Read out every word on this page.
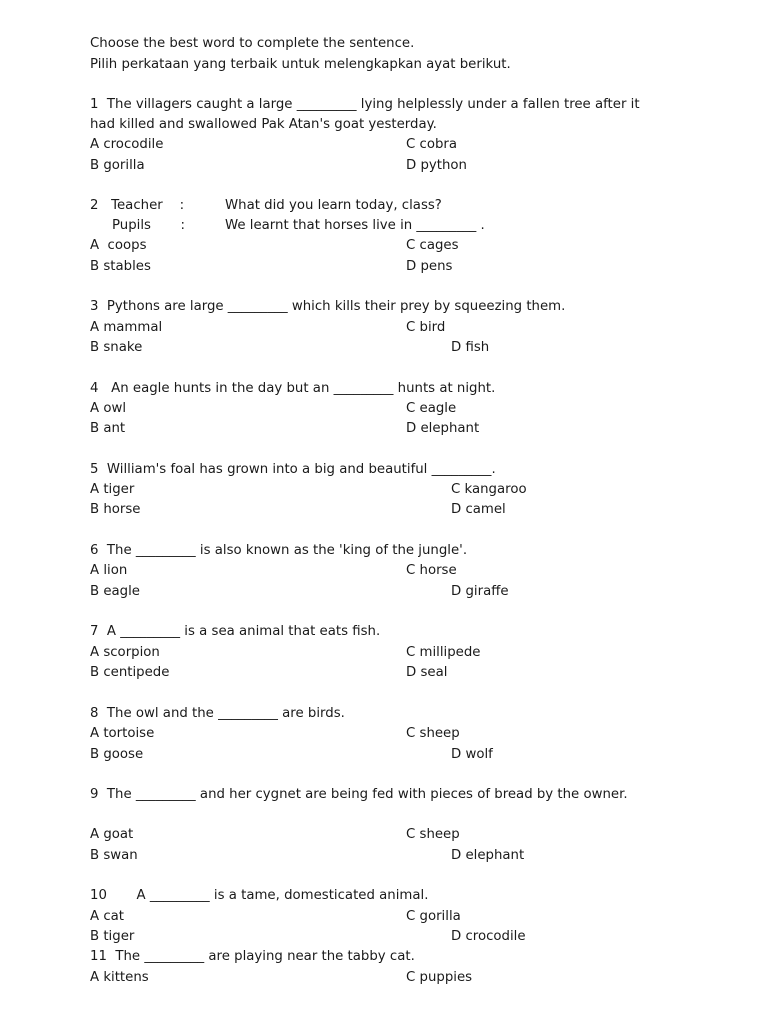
Choose the best word to complete the sentence.
Pilih perkataan yang terbaik untuk melengkapkan ayat berikut.
1  The villagers caught a large _________ lying helplessly under a fallen tree after it
had killed and swallowed Pak Atan's goat yesterday.
A crocodile	C cobra
B gorilla	D python
2   Teacher    :	What did you learn today, class?
Pupils       :	We learnt that horses live in _________ .
A  coops	C cages
B stables	D pens
3  Pythons are large _________ which kills their prey by squeezing them.
A mammal	C bird
B snake	D fish
4   An eagle hunts in the day but an _________ hunts at night.
A owl	C eagle
B ant	D elephant
5  William's foal has grown into a big and beautiful _________.
A tiger	C kangaroo
B horse	D camel
6  The _________ is also known as the 'king of the jungle'.
A lion	C horse
B eagle	D giraffe
7  A _________ is a sea animal that eats fish.
A scorpion	C millipede
B centipede	D seal
8  The owl and the _________ are birds.
A tortoise	C sheep
B goose	D wolf
9  The _________ and her cygnet are being fed with pieces of bread by the owner.
A goat	C sheep
B swan	D elephant
10       A _________ is a tame, domesticated animal.
A cat	C gorilla
B tiger	D crocodile
11  The _________ are playing near the tabby cat.
A kittens	C puppies
